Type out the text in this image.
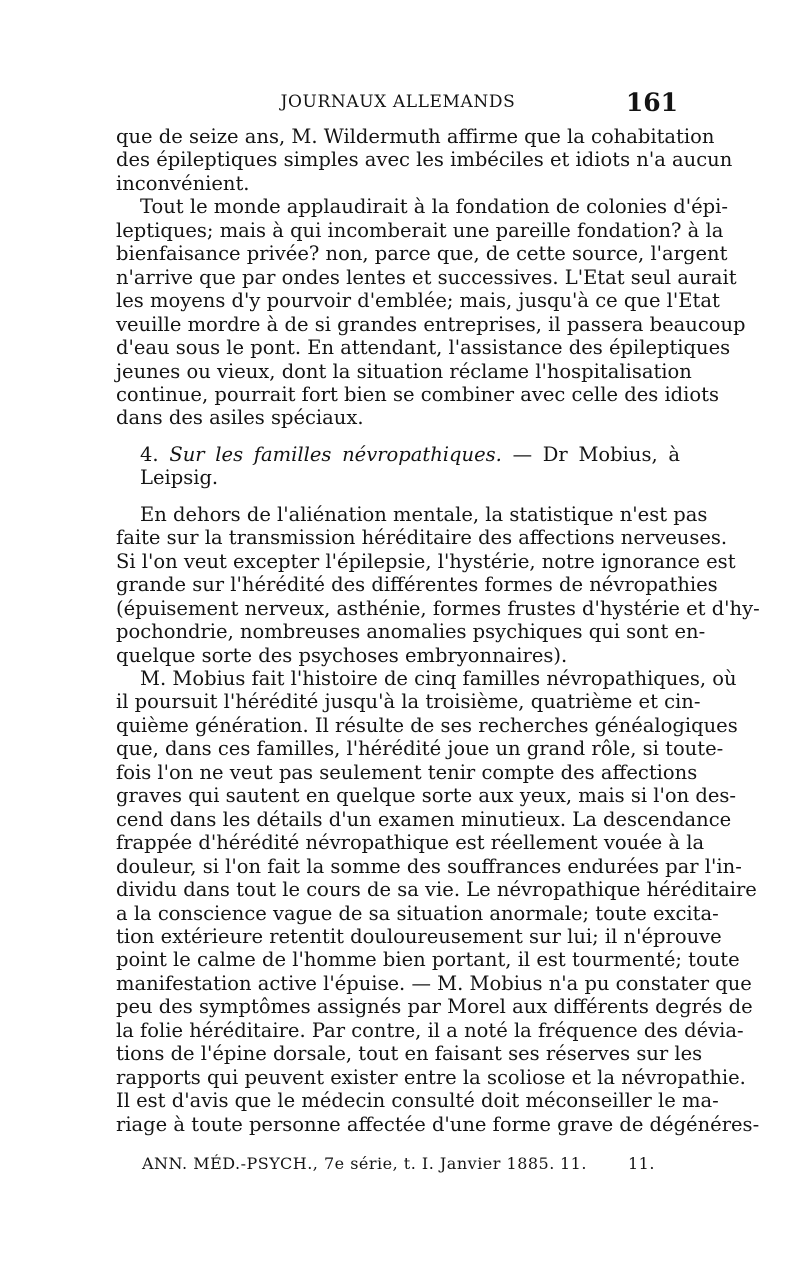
JOURNAUX ALLEMANDS	161
que de seize ans, M. Wildermuth affirme que la cohabitation
des épileptiques simples avec les imbéciles et idiots n'a aucun
inconvénient.
Tout le monde applaudirait à la fondation de colonies d'épi-
leptiques; mais à qui incomberait une pareille fondation? à la
bienfaisance privée? non, parce que, de cette source, l'argent
n'arrive que par ondes lentes et successives. L'Etat seul aurait
les moyens d'y pourvoir d'emblée; mais, jusqu'à ce que l'Etat
veuille mordre à de si grandes entreprises, il passera beaucoup
d'eau sous le pont. En attendant, l'assistance des épileptiques
jeunes ou vieux, dont la situation réclame l'hospitalisation
continue, pourrait fort bien se combiner avec celle des idiots
dans des asiles spéciaux.
4. Sur les familles névropathiques. — Dr Mobius, à Leipsig.
En dehors de l'aliénation mentale, la statistique n'est pas
faite sur la transmission héréditaire des affections nerveuses.
Si l'on veut excepter l'épilepsie, l'hystérie, notre ignorance est
grande sur l'hérédité des différentes formes de névropathies
(épuisement nerveux, asthénie, formes frustes d'hystérie et d'hy-
pochondrie, nombreuses anomalies psychiques qui sont en-
quelque sorte des psychoses embryonnaires).
M. Mobius fait l'histoire de cinq familles névropathiques, où
il poursuit l'hérédité jusqu'à la troisième, quatrième et cin-
quième génération. Il résulte de ses recherches généalogiques
que, dans ces familles, l'hérédité joue un grand rôle, si toute-
fois l'on ne veut pas seulement tenir compte des affections
graves qui sautent en quelque sorte aux yeux, mais si l'on des-
cend dans les détails d'un examen minutieux. La descendance
frappée d'hérédité névropathique est réellement vouée à la
douleur, si l'on fait la somme des souffrances endurées par l'in-
dividu dans tout le cours de sa vie. Le névropathique héréditaire
a la conscience vague de sa situation anormale; toute excita-
tion extérieure retentit douloureusement sur lui; il n'éprouve
point le calme de l'homme bien portant, il est tourmenté; toute
manifestation active l'épuise. — M. Mobius n'a pu constater que
peu des symptômes assignés par Morel aux différents degrés de
la folie héréditaire. Par contre, il a noté la fréquence des dévia-
tions de l'épine dorsale, tout en faisant ses réserves sur les
rapports qui peuvent exister entre la scoliose et la névropathie.
Il est d'avis que le médecin consulté doit méconseiller le ma-
riage à toute personne affectée d'une forme grave de dégénéres-
ANN. MÉD.-PSYCH., 7e série, t. I. Janvier 1885. 11.	11.
